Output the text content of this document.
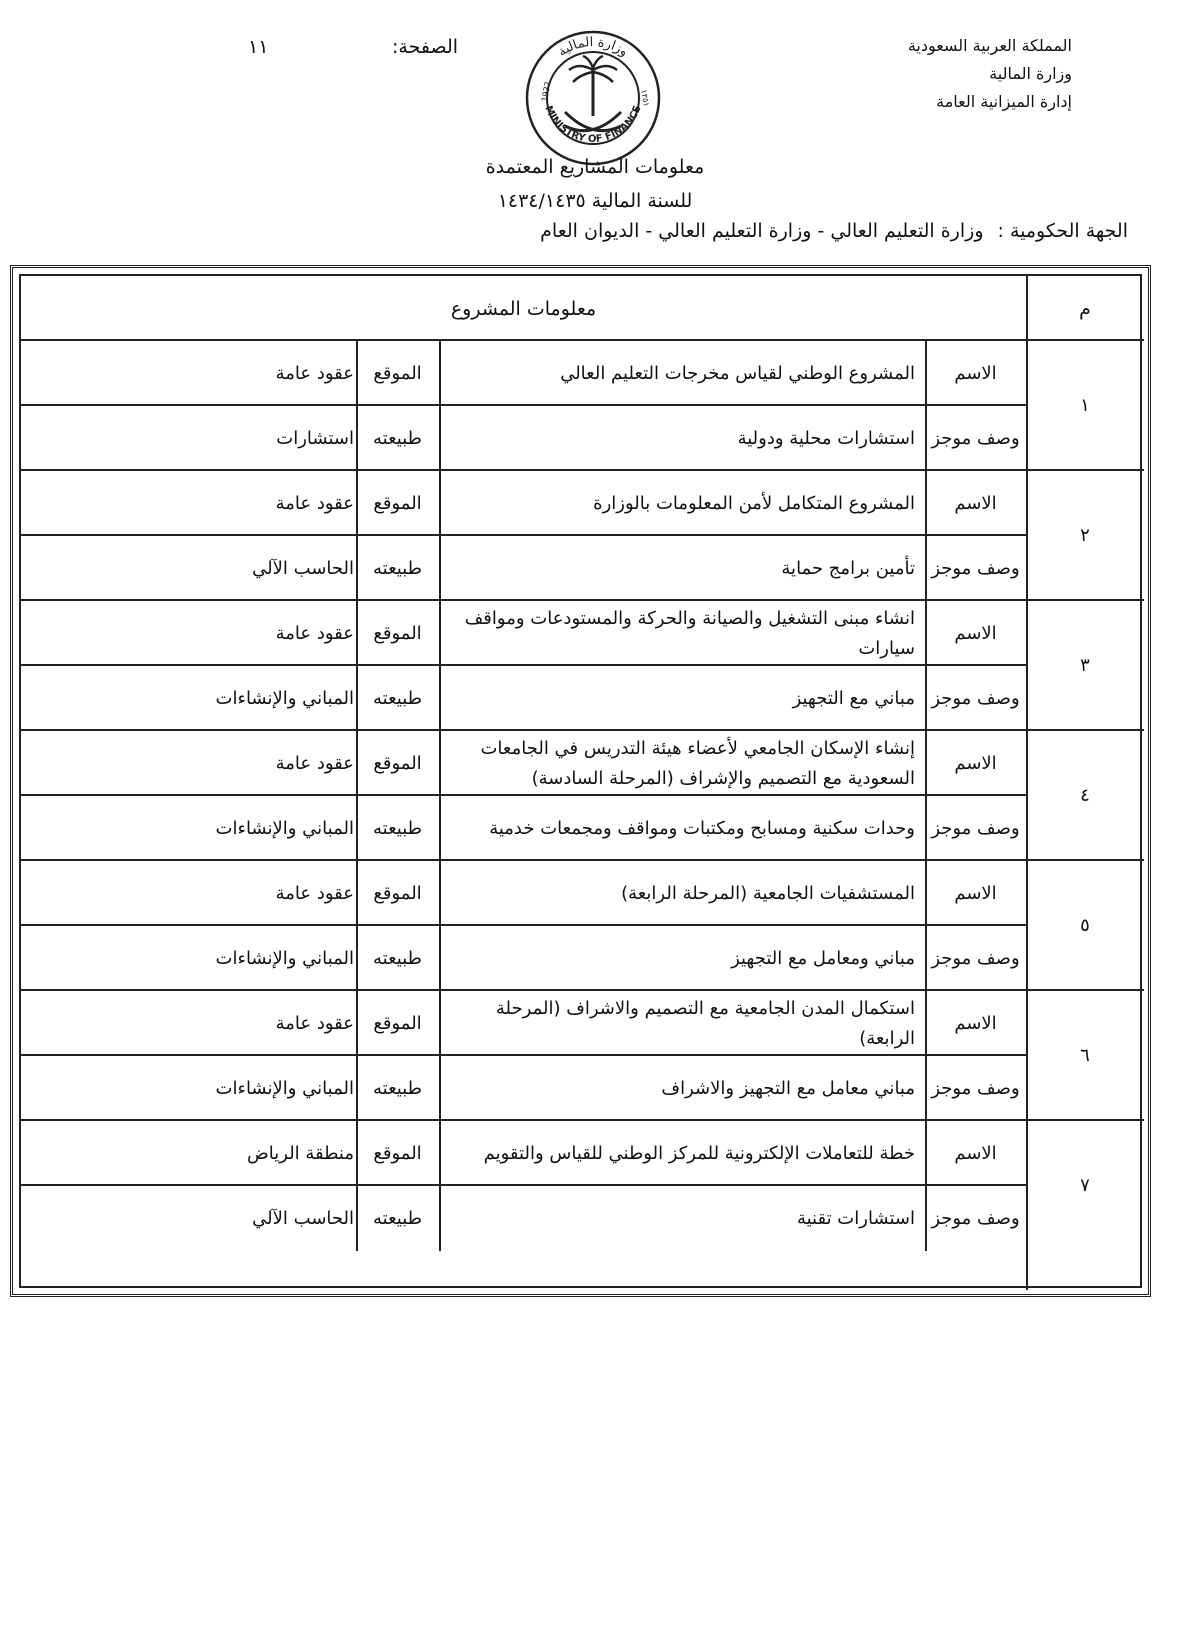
المملكة العربية السعودية
وزارة المالية
إدارة الميزانية العامة
الصفحة:
١١	وزارة المالية
MINISTRY OF FINANCE
1932	١٣٥١
معلومات المشاريع المعتمدة
للسنة المالية ١٤٣٤/١٤٣٥
الجهة الحكومية :وزارة التعليم العالي - وزارة التعليم العالي - الديوان العام
م
معلومات المشروع
١
الاسم
المشروع الوطني لقياس مخرجات التعليم العالي
الموقع
عقود عامة
وصف موجز
استشارات محلية ودولية
طبيعته
استشارات
٢
الاسم
المشروع المتكامل لأمن المعلومات بالوزارة
الموقع
عقود عامة
وصف موجز
تأمين برامج حماية
طبيعته
الحاسب الآلي
٣
الاسم
انشاء مبنى التشغيل والصيانة والحركة والمستودعات ومواقف سيارات
الموقع
عقود عامة
وصف موجز
مباني مع التجهيز
طبيعته
المباني والإنشاءات
٤
الاسم
إنشاء الإسكان الجامعي لأعضاء هيئة التدريس في الجامعات السعودية مع التصميم والإشراف (المرحلة السادسة)
الموقع
عقود عامة
وصف موجز
وحدات سكنية ومسابح ومكتبات ومواقف ومجمعات خدمية
طبيعته
المباني والإنشاءات
٥
الاسم
المستشفيات الجامعية (المرحلة الرابعة)
الموقع
عقود عامة
وصف موجز
مباني ومعامل مع التجهيز
طبيعته
المباني والإنشاءات
٦
الاسم
استكمال المدن الجامعية مع التصميم والاشراف (المرحلة الرابعة)
الموقع
عقود عامة
وصف موجز
مباني معامل مع التجهيز والاشراف
طبيعته
المباني والإنشاءات
٧
الاسم
خطة للتعاملات الإلكترونية للمركز الوطني للقياس والتقويم
الموقع
منطقة الرياض
وصف موجز
استشارات تقنية
طبيعته
الحاسب الآلي
